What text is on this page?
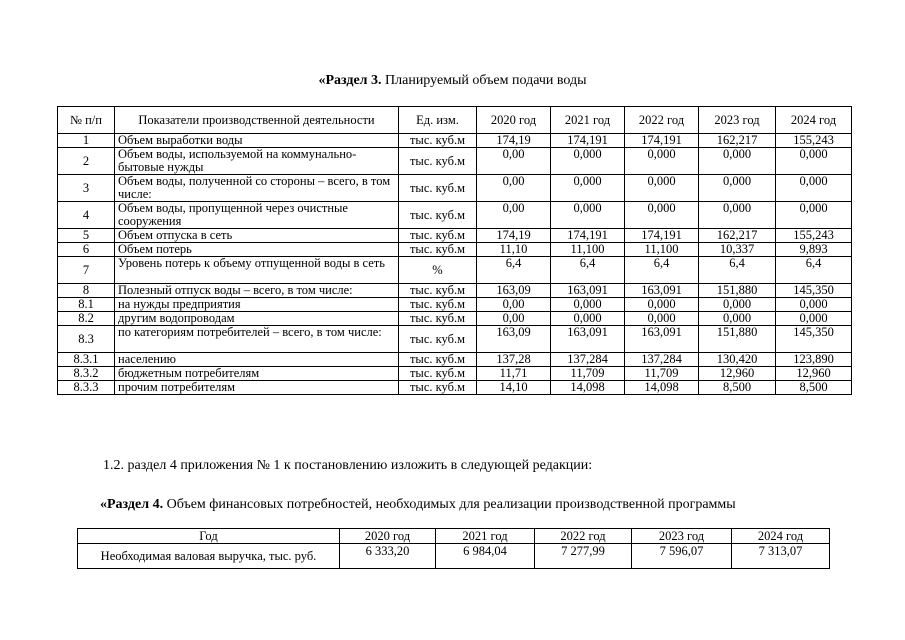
«Раздел 3. Планируемый объем подачи воды
№ п/п	Показатели производственной деятельности	Ед. изм.	2020 год	2021 год	2022 год	2023 год	2024 год
1	Объем выработки воды	тыс. куб.м	174,19	174,191	174,191	162,217	155,243
2	Объем воды, используемой на коммунально-бытовые нужды	тыс. куб.м	0,00	0,000	0,000	0,000	0,000
3	Объем воды, полученной со стороны – всего, в том числе:	тыс. куб.м	0,00	0,000	0,000	0,000	0,000
4	Объем воды, пропущенной через очистные сооружения	тыс. куб.м	0,00	0,000	0,000	0,000	0,000
5	Объем отпуска в сеть	тыс. куб.м	174,19	174,191	174,191	162,217	155,243
6	Объем потерь	тыс. куб.м	11,10	11,100	11,100	10,337	9,893
7	Уровень потерь к объему отпущенной воды в сеть	%	6,4	6,4	6,4	6,4	6,4
8	Полезный отпуск воды – всего, в том числе:	тыс. куб.м	163,09	163,091	163,091	151,880	145,350
8.1	на нужды предприятия	тыс. куб.м	0,00	0,000	0,000	0,000	0,000
8.2	другим водопроводам	тыс. куб.м	0,00	0,000	0,000	0,000	0,000
8.3	по категориям потребителей – всего, в том числе:	тыс. куб.м	163,09	163,091	163,091	151,880	145,350
8.3.1	населению	тыс. куб.м	137,28	137,284	137,284	130,420	123,890
8.3.2	бюджетным потребителям	тыс. куб.м	11,71	11,709	11,709	12,960	12,960
8.3.3	прочим потребителям	тыс. куб.м	14,10	14,098	14,098	8,500	8,500
1.2. раздел 4 приложения № 1 к постановлению изложить в следующей редакции:
«Раздел 4. Объем финансовых потребностей, необходимых для реализации производственной программы
Год	2020 год	2021 год	2022 год	2023 год	2024 год
Необходимая валовая выручка, тыс. руб.	6 333,20	6 984,04	7 277,99	7 596,07	7 313,07
